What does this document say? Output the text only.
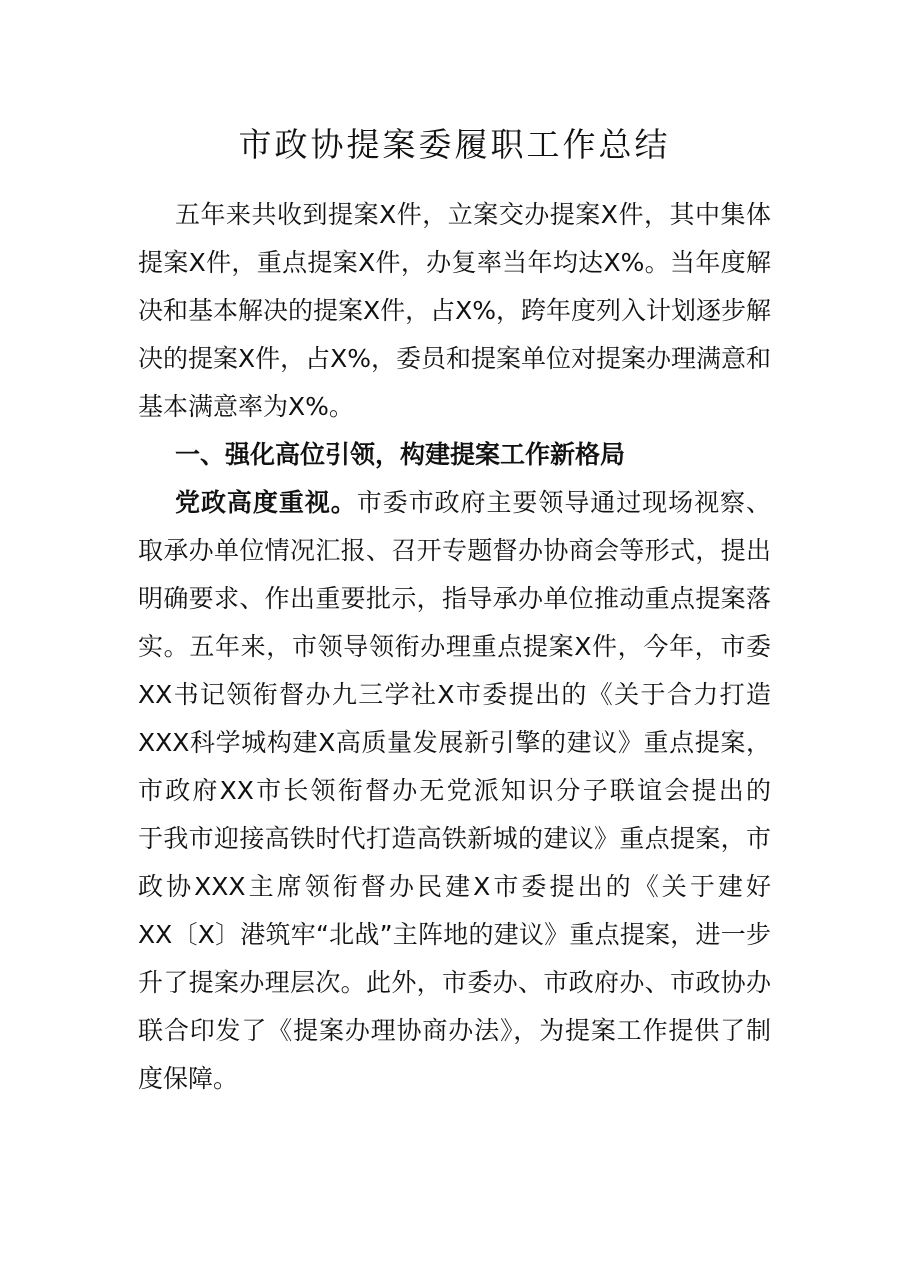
市政协提案委履职工作总结
五年来共收到提案X件，立案交办提案X件，其中集体
提案X件，重点提案X件，办复率当年均达X%。当年度解
决和基本解决的提案X件，占X%，跨年度列入计划逐步解
决的提案X件，占X%，委员和提案单位对提案办理满意和
基本满意率为X%。
一、强化高位引领，构建提案工作新格局
党政高度重视。市委市政府主要领导通过现场视察、
取承办单位情况汇报、召开专题督办协商会等形式，提出
明确要求、作出重要批示，指导承办单位推动重点提案落
实。五年来，市领导领衔办理重点提案X件，今年，市委
XX书记领衔督办九三学社X市委提出的《关于合力打造
XXX科学城构建X高质量发展新引擎的建议》重点提案，
市政府XX市长领衔督办无党派知识分子联谊会提出的
于我市迎接高铁时代打造高铁新城的建议》重点提案，市
政协XXX主席领衔督办民建X市委提出的《关于建好
XX〔X〕港筑牢“北战”主阵地的建议》重点提案，进一步
升了提案办理层次。此外，市委办、市政府办、市政协办
联合印发了《提案办理协商办法》，为提案工作提供了制
度保障。
